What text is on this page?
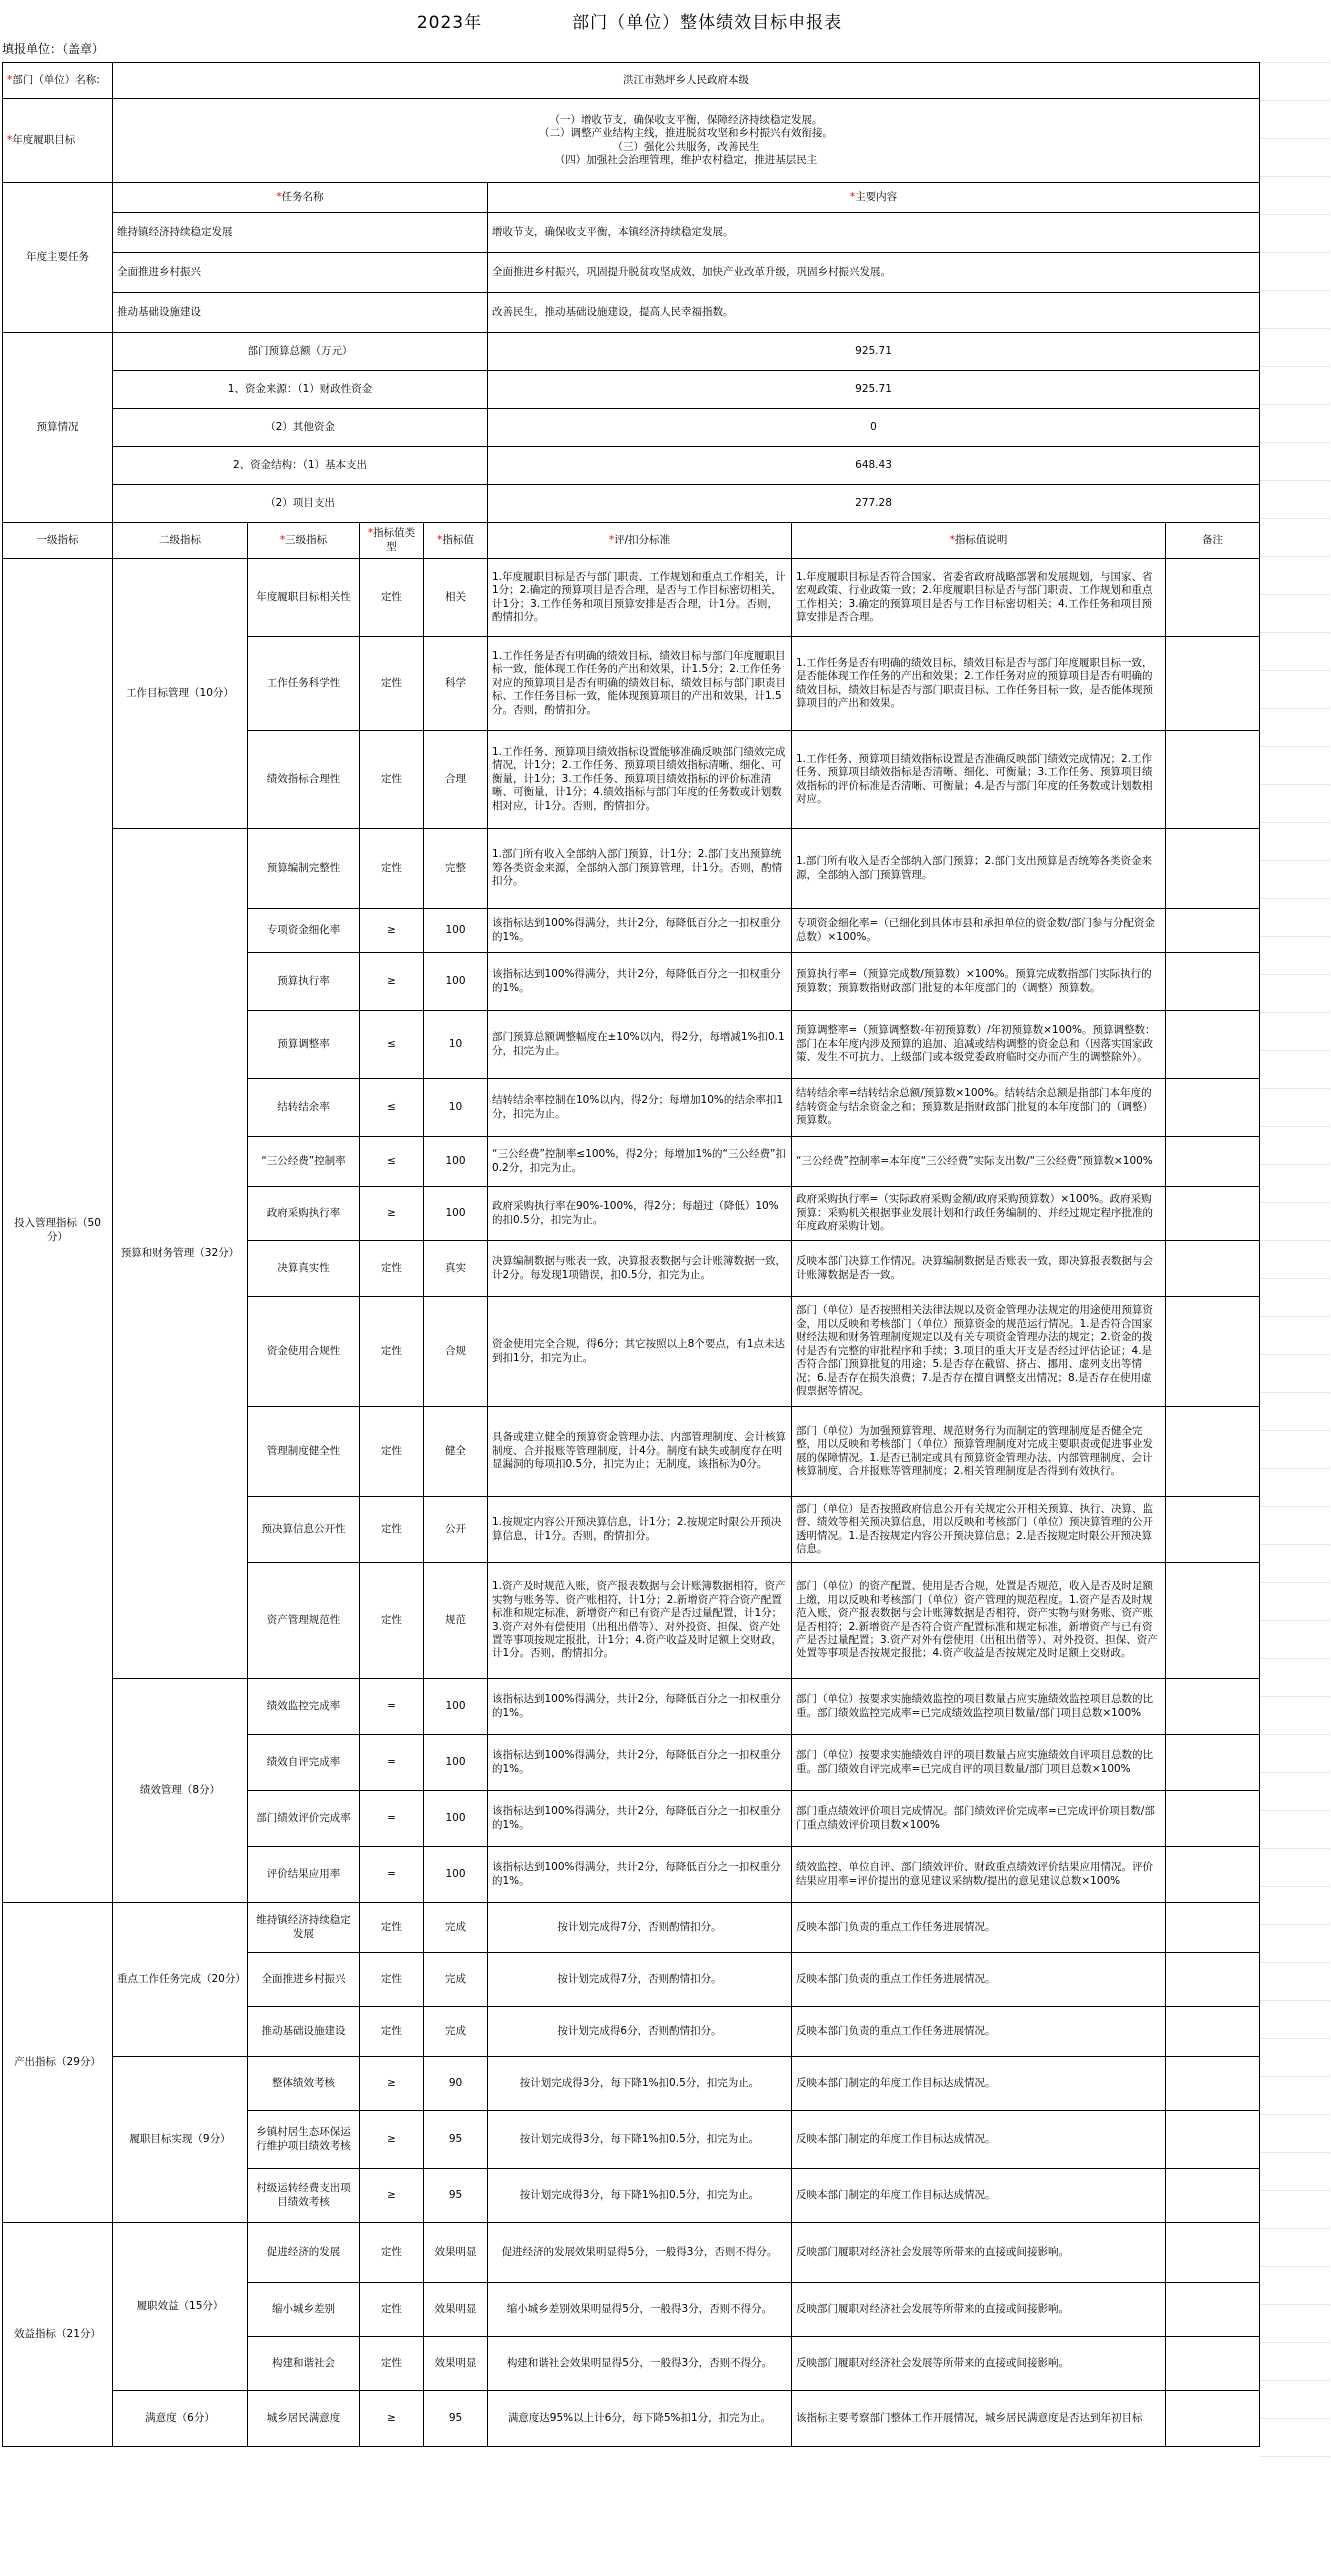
2023年	部门（单位）整体绩效目标申报表
填报单位：（盖章）
*部门（单位）名称:	洪江市熟坪乡人民政府本级						
*年度履职目标	（一）增收节支，确保收支平衡，保障经济持续稳定发展。
（二）调整产业结构主线，推进脱贫攻坚和乡村振兴有效衔接。
（三）强化公共服务，改善民生
（四）加强社会治理管理，维护农村稳定，推进基层民主						

年度主要任务	*任务名称				*主要内容		
	维持镇经济持续稳定发展				增收节支，确保收支平衡，本镇经济持续稳定发展。		
	全面推进乡村振兴				全面推进乡村振兴，巩固提升脱贫攻坚成效，加快产业改革升级，巩固乡村振兴发展。		
	推动基础设施建设				改善民生，推动基础设施建设，提高人民幸福指数。		
预算情况	部门预算总额（万元）				925.71		
	1、资金来源：（1）财政性资金				925.71		
	（2）其他资金				0		
	2、资金结构：（1）基本支出				648.43		
	（2）项目支出				277.28		
一级指标	二级指标	*三级指标	*指标值类型	*指标值	*评/扣分标准	*指标值说明	备注
投入管理指标（50分）	工作目标管理（10分）	年度履职目标相关性	定性	相关	1.年度履职目标是否与部门职责、工作规划和重点工作相关，计1分；2.确定的预算项目是否合理，是否与工作目标密切相关，计1分；3.工作任务和项目预算安排是否合理，计1分。否则，酌情扣分。	1.年度履职目标是否符合国家、省委省政府战略部署和发展规划，与国家、省宏观政策、行业政策一致；2.年度履职目标是否与部门职责、工作规划和重点工作相关；3.确定的预算项目是否与工作目标密切相关；4.工作任务和项目预算安排是否合理。	
		工作任务科学性	定性	科学	1.工作任务是否有明确的绩效目标，绩效目标与部门年度履职目标一致，能体现工作任务的产出和效果，计1.5分；2.工作任务对应的预算项目是否有明确的绩效目标，绩效目标与部门职责目标、工作任务目标一致，能体现预算项目的产出和效果，计1.5分。否则，酌情扣分。	1.工作任务是否有明确的绩效目标，绩效目标是否与部门年度履职目标一致，是否能体现工作任务的产出和效果；2.工作任务对应的预算项目是否有明确的绩效目标，绩效目标是否与部门职责目标、工作任务目标一致，是否能体现预算项目的产出和效果。	
		绩效指标合理性	定性	合理	1.工作任务、预算项目绩效指标设置能够准确反映部门绩效完成情况，计1分；2.工作任务、预算项目绩效指标清晰、细化、可衡量，计1分；3.工作任务、预算项目绩效指标的评价标准清晰、可衡量，计1分；4.绩效指标与部门年度的任务数或计划数相对应，计1分。否则，酌情扣分。	1.工作任务、预算项目绩效指标设置是否准确反映部门绩效完成情况；2.工作任务、预算项目绩效指标是否清晰、细化、可衡量；3.工作任务、预算项目绩效指标的评价标准是否清晰、可衡量；4.是否与部门年度的任务数或计划数相对应。	
	预算和财务管理（32分）	预算编制完整性	定性	完整	1.部门所有收入全部纳入部门预算，计1分；2.部门支出预算统筹各类资金来源，全部纳入部门预算管理，计1分。否则，酌情扣分。	1.部门所有收入是否全部纳入部门预算；2.部门支出预算是否统筹各类资金来源，全部纳入部门预算管理。	
		专项资金细化率	≥	100	该指标达到100%得满分，共计2分，每降低百分之一扣权重分的1%。	专项资金细化率=（已细化到具体市县和承担单位的资金数/部门参与分配资金总数）×100%。	
		预算执行率	≥	100	该指标达到100%得满分，共计2分，每降低百分之一扣权重分的1%。	预算执行率=（预算完成数/预算数）×100%。预算完成数指部门实际执行的预算数；预算数指财政部门批复的本年度部门的（调整）预算数。	
		预算调整率	≤	10	部门预算总额调整幅度在±10%以内，得2分，每增减1%扣0.1分，扣完为止。	预算调整率=（预算调整数-年初预算数）/年初预算数×100%。预算调整数：部门在本年度内涉及预算的追加、追减或结构调整的资金总和（因落实国家政策、发生不可抗力、上级部门或本级党委政府临时交办而产生的调整除外）。	
		结转结余率	≤	10	结转结余率控制在10%以内，得2分；每增加10%的结余率扣1分，扣完为止。	结转结余率=结转结余总额/预算数×100%。结转结余总额是指部门本年度的结转资金与结余资金之和；预算数是指财政部门批复的本年度部门的（调整）预算数。	
		“三公经费”控制率	≤	100	“三公经费”控制率≤100%，得2分；每增加1%的“三公经费”扣0.2分，扣完为止。	“三公经费”控制率=本年度“三公经费”实际支出数/“三公经费”预算数×100%	
		政府采购执行率	≥	100	政府采购执行率在90%-100%，得2分；每超过（降低）10%的扣0.5分，扣完为止。	政府采购执行率=（实际政府采购金额/政府采购预算数）×100%。政府采购预算：采购机关根据事业发展计划和行政任务编制的、并经过规定程序批准的年度政府采购计划。	
		决算真实性	定性	真实	决算编制数据与账表一致，决算报表数据与会计账簿数据一致，计2分。每发现1项错误，扣0.5分，扣完为止。	反映本部门决算工作情况。决算编制数据是否账表一致，即决算报表数据与会计账簿数据是否一致。	
		资金使用合规性	定性	合规	资金使用完全合规，得6分；其它按照以上8个要点，有1点未达到扣1分，扣完为止。	部门（单位）是否按照相关法律法规以及资金管理办法规定的用途使用预算资金，用以反映和考核部门（单位）预算资金的规范运行情况。1.是否符合国家财经法规和财务管理制度规定以及有关专项资金管理办法的规定；2.资金的拨付是否有完整的审批程序和手续；3.项目的重大开支是否经过评估论证；4.是否符合部门预算批复的用途；5.是否存在截留、挤占、挪用、虚列支出等情况；6.是否存在损失浪费；7.是否存在擅自调整支出情况；8.是否存在使用虚假票据等情况。	
		管理制度健全性	定性	健全	具备或建立健全的预算资金管理办法、内部管理制度、会计核算制度、合并报账等管理制度，计4分。制度有缺失或制度存在明显漏洞的每项扣0.5分，扣完为止；无制度，该指标为0分。	部门（单位）为加强预算管理、规范财务行为而制定的管理制度是否健全完整，用以反映和考核部门（单位）预算管理制度对完成主要职责或促进事业发展的保障情况。1.是否已制定或具有预算资金管理办法、内部管理制度、会计核算制度、合并报账等管理制度；2.相关管理制度是否得到有效执行。	
		预决算信息公开性	定性	公开	1.按规定内容公开预决算信息，计1分；2.按规定时限公开预决算信息，计1分。否则，酌情扣分。	部门（单位）是否按照政府信息公开有关规定公开相关预算、执行、决算、监督、绩效等相关预决算信息，用以反映和考核部门（单位）预决算管理的公开透明情况。1.是否按规定内容公开预决算信息；2.是否按规定时限公开预决算信息。	
		资产管理规范性	定性	规范	1.资产及时规范入账，资产报表数据与会计账簿数据相符，资产实物与账务等、资产账相符，计1分；2.新增资产符合资产配置标准和规定标准，新增资产和已有资产是否过量配置，计1分；3.资产对外有偿使用（出租出借等）、对外投资、担保、资产处置等事项按规定报批，计1分；4.资产收益及时足额上交财政，计1分。否则，酌情扣分。	部门（单位）的资产配置、使用是否合规，处置是否规范，收入是否及时足额上缴，用以反映和考核部门（单位）资产管理的规范程度。1.资产是否及时规范入账，资产报表数据与会计账簿数据是否相符，资产实物与财务账、资产账是否相符；2.新增资产是否符合资产配置标准和规定标准，新增资产与已有资产是否过量配置；3.资产对外有偿使用（出租出借等）、对外投资、担保、资产处置等事项是否按规定报批；4.资产收益是否按规定及时足额上交财政。	
	绩效管理（8分）	绩效监控完成率	=	100	该指标达到100%得满分，共计2分，每降低百分之一扣权重分的1%。	部门（单位）按要求实施绩效监控的项目数量占应实施绩效监控项目总数的比重。部门绩效监控完成率=已完成绩效监控项目数量/部门项目总数×100%	
		绩效自评完成率	=	100	该指标达到100%得满分，共计2分，每降低百分之一扣权重分的1%。	部门（单位）按要求实施绩效自评的项目数量占应实施绩效自评项目总数的比重。部门绩效自评完成率=已完成自评的项目数量/部门项目总数×100%	
		部门绩效评价完成率	=	100	该指标达到100%得满分，共计2分，每降低百分之一扣权重分的1%。	部门重点绩效评价项目完成情况。部门绩效评价完成率=已完成评价项目数/部门重点绩效评价项目数×100%	
		评价结果应用率	=	100	该指标达到100%得满分，共计2分，每降低百分之一扣权重分的1%。	绩效监控、单位自评、部门绩效评价、财政重点绩效评价结果应用情况。评价结果应用率=评价提出的意见建议采纳数/提出的意见建议总数×100%	
产出指标（29分）	重点工作任务完成（20分）	维持镇经济持续稳定发展	定性	完成	按计划完成得7分，否则酌情扣分。	反映本部门负责的重点工作任务进展情况。	
		全面推进乡村振兴	定性	完成	按计划完成得7分，否则酌情扣分。	反映本部门负责的重点工作任务进展情况。	
		推动基础设施建设	定性	完成	按计划完成得6分，否则酌情扣分。	反映本部门负责的重点工作任务进展情况。	
	履职目标实现（9分）	整体绩效考核	≥	90	按计划完成得3分，每下降1%扣0.5分，扣完为止。	反映本部门制定的年度工作目标达成情况。	
		乡镇村居生态环保运行维护项目绩效考核	≥	95	按计划完成得3分，每下降1%扣0.5分，扣完为止。	反映本部门制定的年度工作目标达成情况。	
		村级运转经费支出项目绩效考核	≥	95	按计划完成得3分，每下降1%扣0.5分，扣完为止。	反映本部门制定的年度工作目标达成情况。	
效益指标（21分）	履职效益（15分）	促进经济的发展	定性	效果明显	促进经济的发展效果明显得5分，一般得3分，否则不得分。	反映部门履职对经济社会发展等所带来的直接或间接影响。	
		缩小城乡差别	定性	效果明显	缩小城乡差别效果明显得5分，一般得3分，否则不得分。	反映部门履职对经济社会发展等所带来的直接或间接影响。	
		构建和谐社会	定性	效果明显	构建和谐社会效果明显得5分，一般得3分，否则不得分。	反映部门履职对经济社会发展等所带来的直接或间接影响。	
	满意度（6分）	城乡居民满意度	≥	95	满意度达95%以上计6分，每下降5%扣1分，扣完为止。	该指标主要考察部门整体工作开展情况，城乡居民满意度是否达到年初目标	
